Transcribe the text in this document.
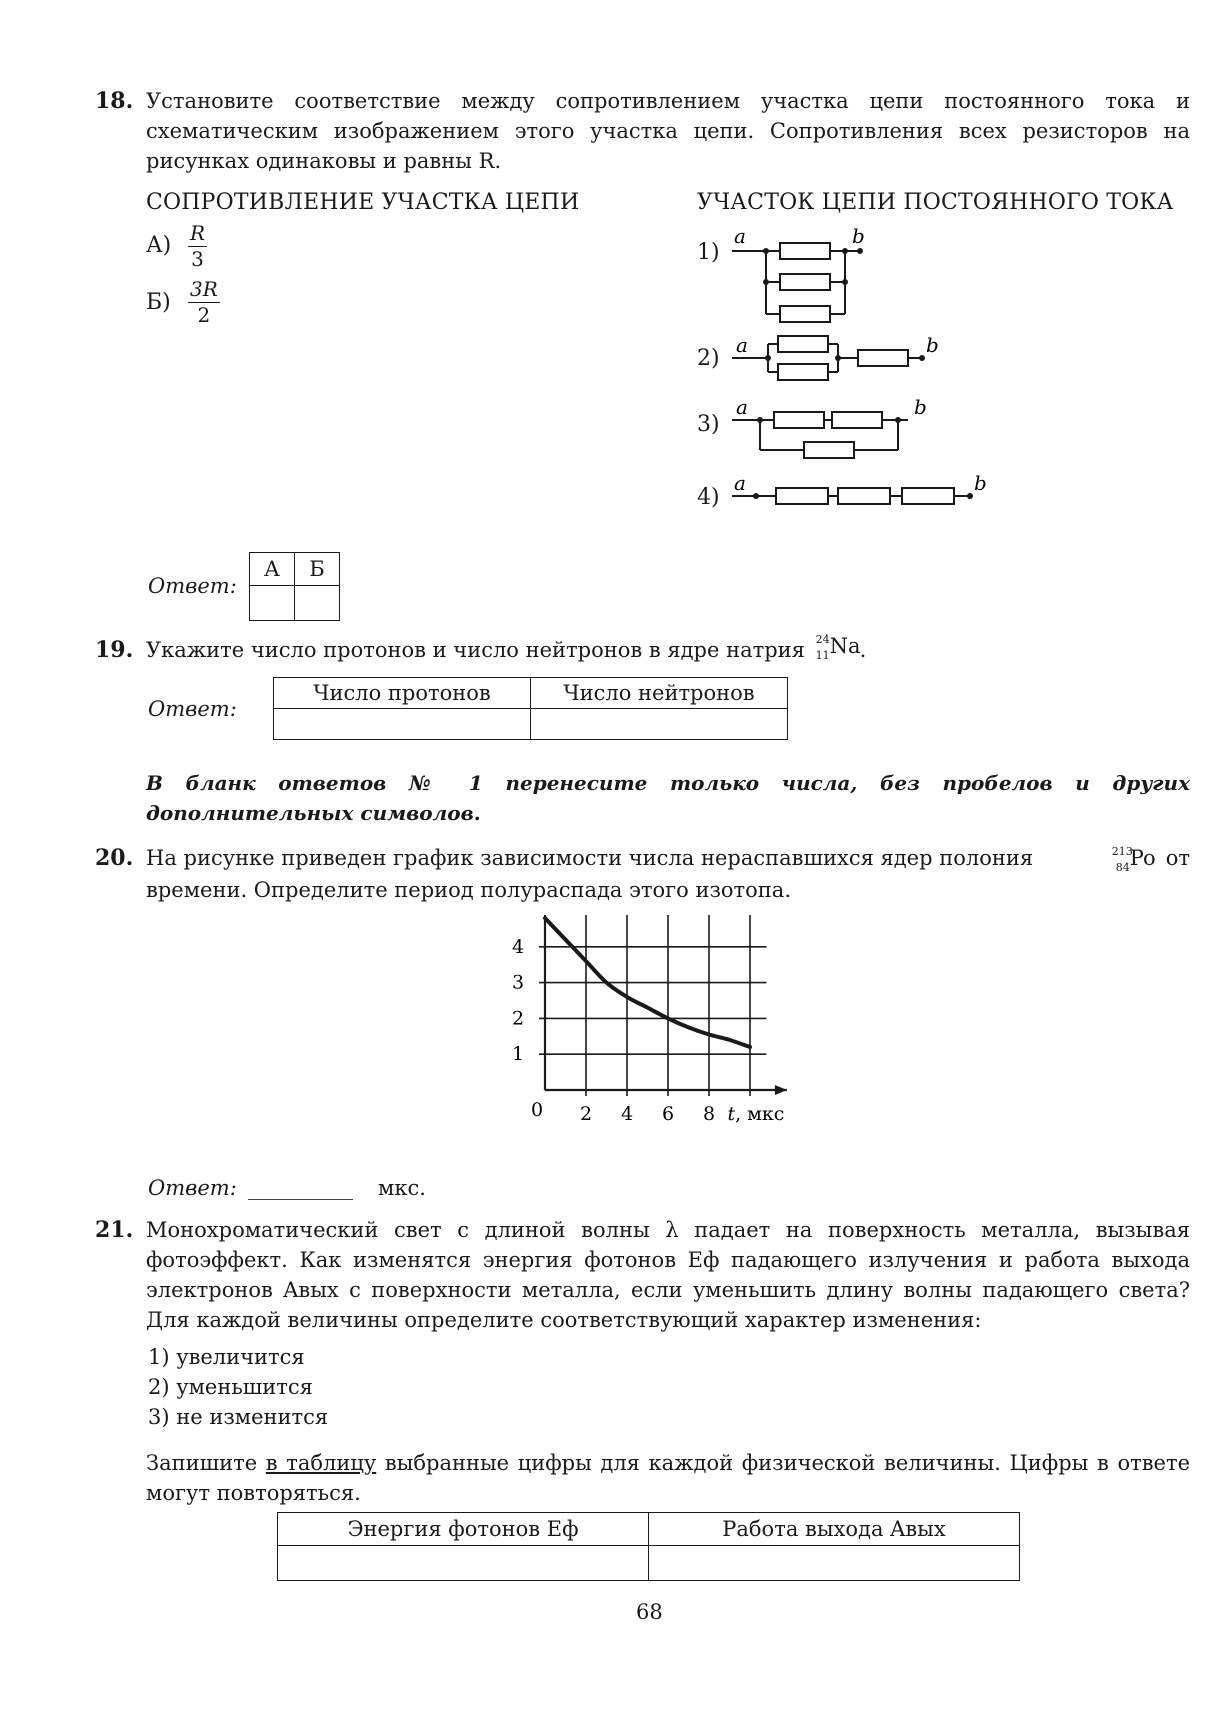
18. Установите соответствие между сопротивлением участка цепи постоянного тока и схематическим изображением этого участка цепи. Сопротивления всех резисторов на рисунках одинаковы и равны R.
СОПРОТИВЛЕНИЕ УЧАСТКА ЦЕПИ	УЧАСТОК ЦЕПИ ПОСТОЯННОГО ТОКА
А) R
3
Б)
3R
2
1)
2)
3)
4)
a	b
a	b
a	b
a	b
Ответ:
А	Б

19. Укажите число протонов и число нейтронов в ядре натрия 24
11 Na .
Ответ:
Число протонов	Число нейтронов

В бланк ответов № 1 перенесите только числа, без пробелов и других дополнительных символов.
20. На рисунке приведен график зависимости числа нераспавшихся ядер полония	213
84 Po от
времени. Определите период полураспада этого изотопа.
2 4 6 8
1
2
3
4
0	t, мкс
Ответ: __________ мкс.
21. Монохроматический свет с длиной волны λ падает на поверхность металла, вызывая фотоэффект. Как изменятся энергия фотонов Eф падающего излучения и работа выхода электронов Aвых с поверхности металла, если уменьшить длину волны падающего света? Для каждой величины определите соответствующий характер изменения:
1) увеличится
2) уменьшится
3) не изменится
Запишите в таблицу выбранные цифры для каждой физической величины. Цифры в ответе могут повторяться.
Энергия фотонов Eф	Работа выхода Aвых

68
